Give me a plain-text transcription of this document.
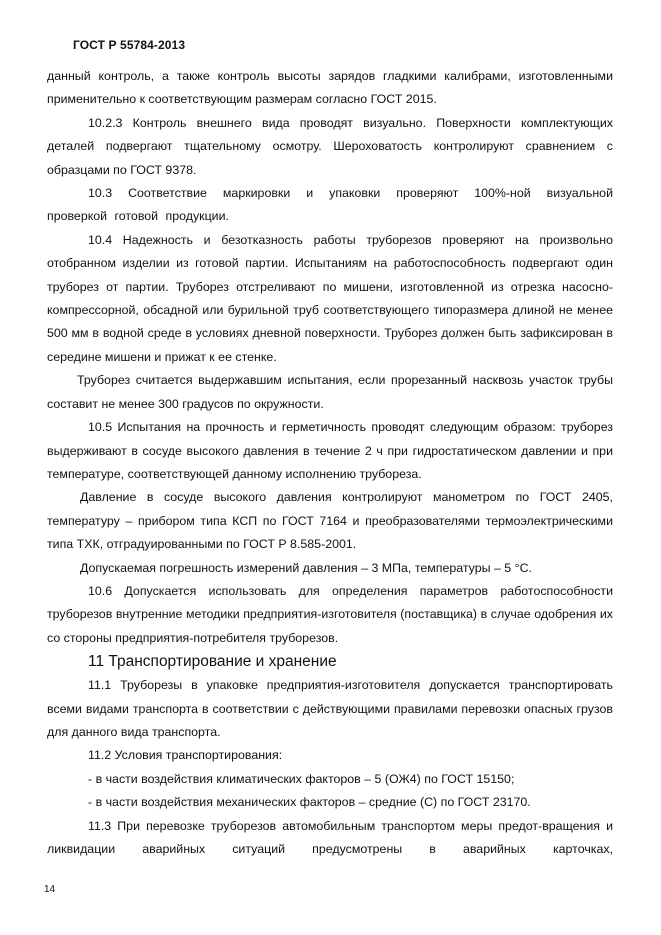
ГОСТ Р 55784-2013

данный контроль, а также контроль высоты зарядов гладкими калибрами, изготовленными применительно к соответствующим размерам согласно ГОСТ 2015.

10.2.3 Контроль внешнего вида проводят визуально. Поверхности комплектующих деталей подвергают тщательному осмотру. Шероховатость контролируют сравнением с образцами по ГОСТ 9378.

10.3 Соответствие маркировки и упаковки проверяют 100%-ной визуальной проверкой готовой продукции.

10.4 Надежность и безотказность работы труборезов проверяют на произвольно отобранном изделии из готовой партии. Испытаниям на работоспособность подвергают один труборез от партии. Труборез отстреливают по мишени, изготовленной из отрезка насосно-компрессорной, обсадной или бурильной труб соответствующего типоразмера длиной не менее 500 мм в водной среде в условиях дневной поверхности. Труборез должен быть зафиксирован в середине мишени и прижат к ее стенке.

Труборез считается выдержавшим испытания, если прорезанный насквозь участок трубы составит не менее 300 градусов по окружности.

10.5 Испытания на прочность и герметичность проводят следующим образом: труборез выдерживают в сосуде высокого давления в течение 2 ч при гидростатическом давлении и при температуре, соответствующей данному исполнению трубореза.

Давление в сосуде высокого давления контролируют манометром по ГОСТ 2405, температуру – прибором типа КСП по ГОСТ 7164 и преобразователями термоэлектрическими типа ТХК, отградуированными по ГОСТ Р 8.585-2001.

Допускаемая погрешность измерений давления – 3 МПа, температуры – 5 °С.

10.6 Допускается использовать для определения параметров работоспособности труборезов внутренние методики предприятия-изготовителя (поставщика) в случае одобрения их со стороны предприятия-потребителя труборезов.

11 Транспортирование и хранение

11.1 Труборезы в упаковке предприятия-изготовителя допускается транспортировать всеми видами транспорта в соответствии с действующими правилами перевозки опасных грузов для данного вида транспорта.

11.2 Условия транспортирования:

- в части воздействия климатических факторов – 5 (ОЖ4) по ГОСТ 15150;

- в части воздействия механических факторов – средние (С) по ГОСТ 23170.

11.3 При перевозке труборезов автомобильным транспортом меры предот-вращения и ликвидации аварийных ситуаций предусмотрены в аварийных карточках,

14
